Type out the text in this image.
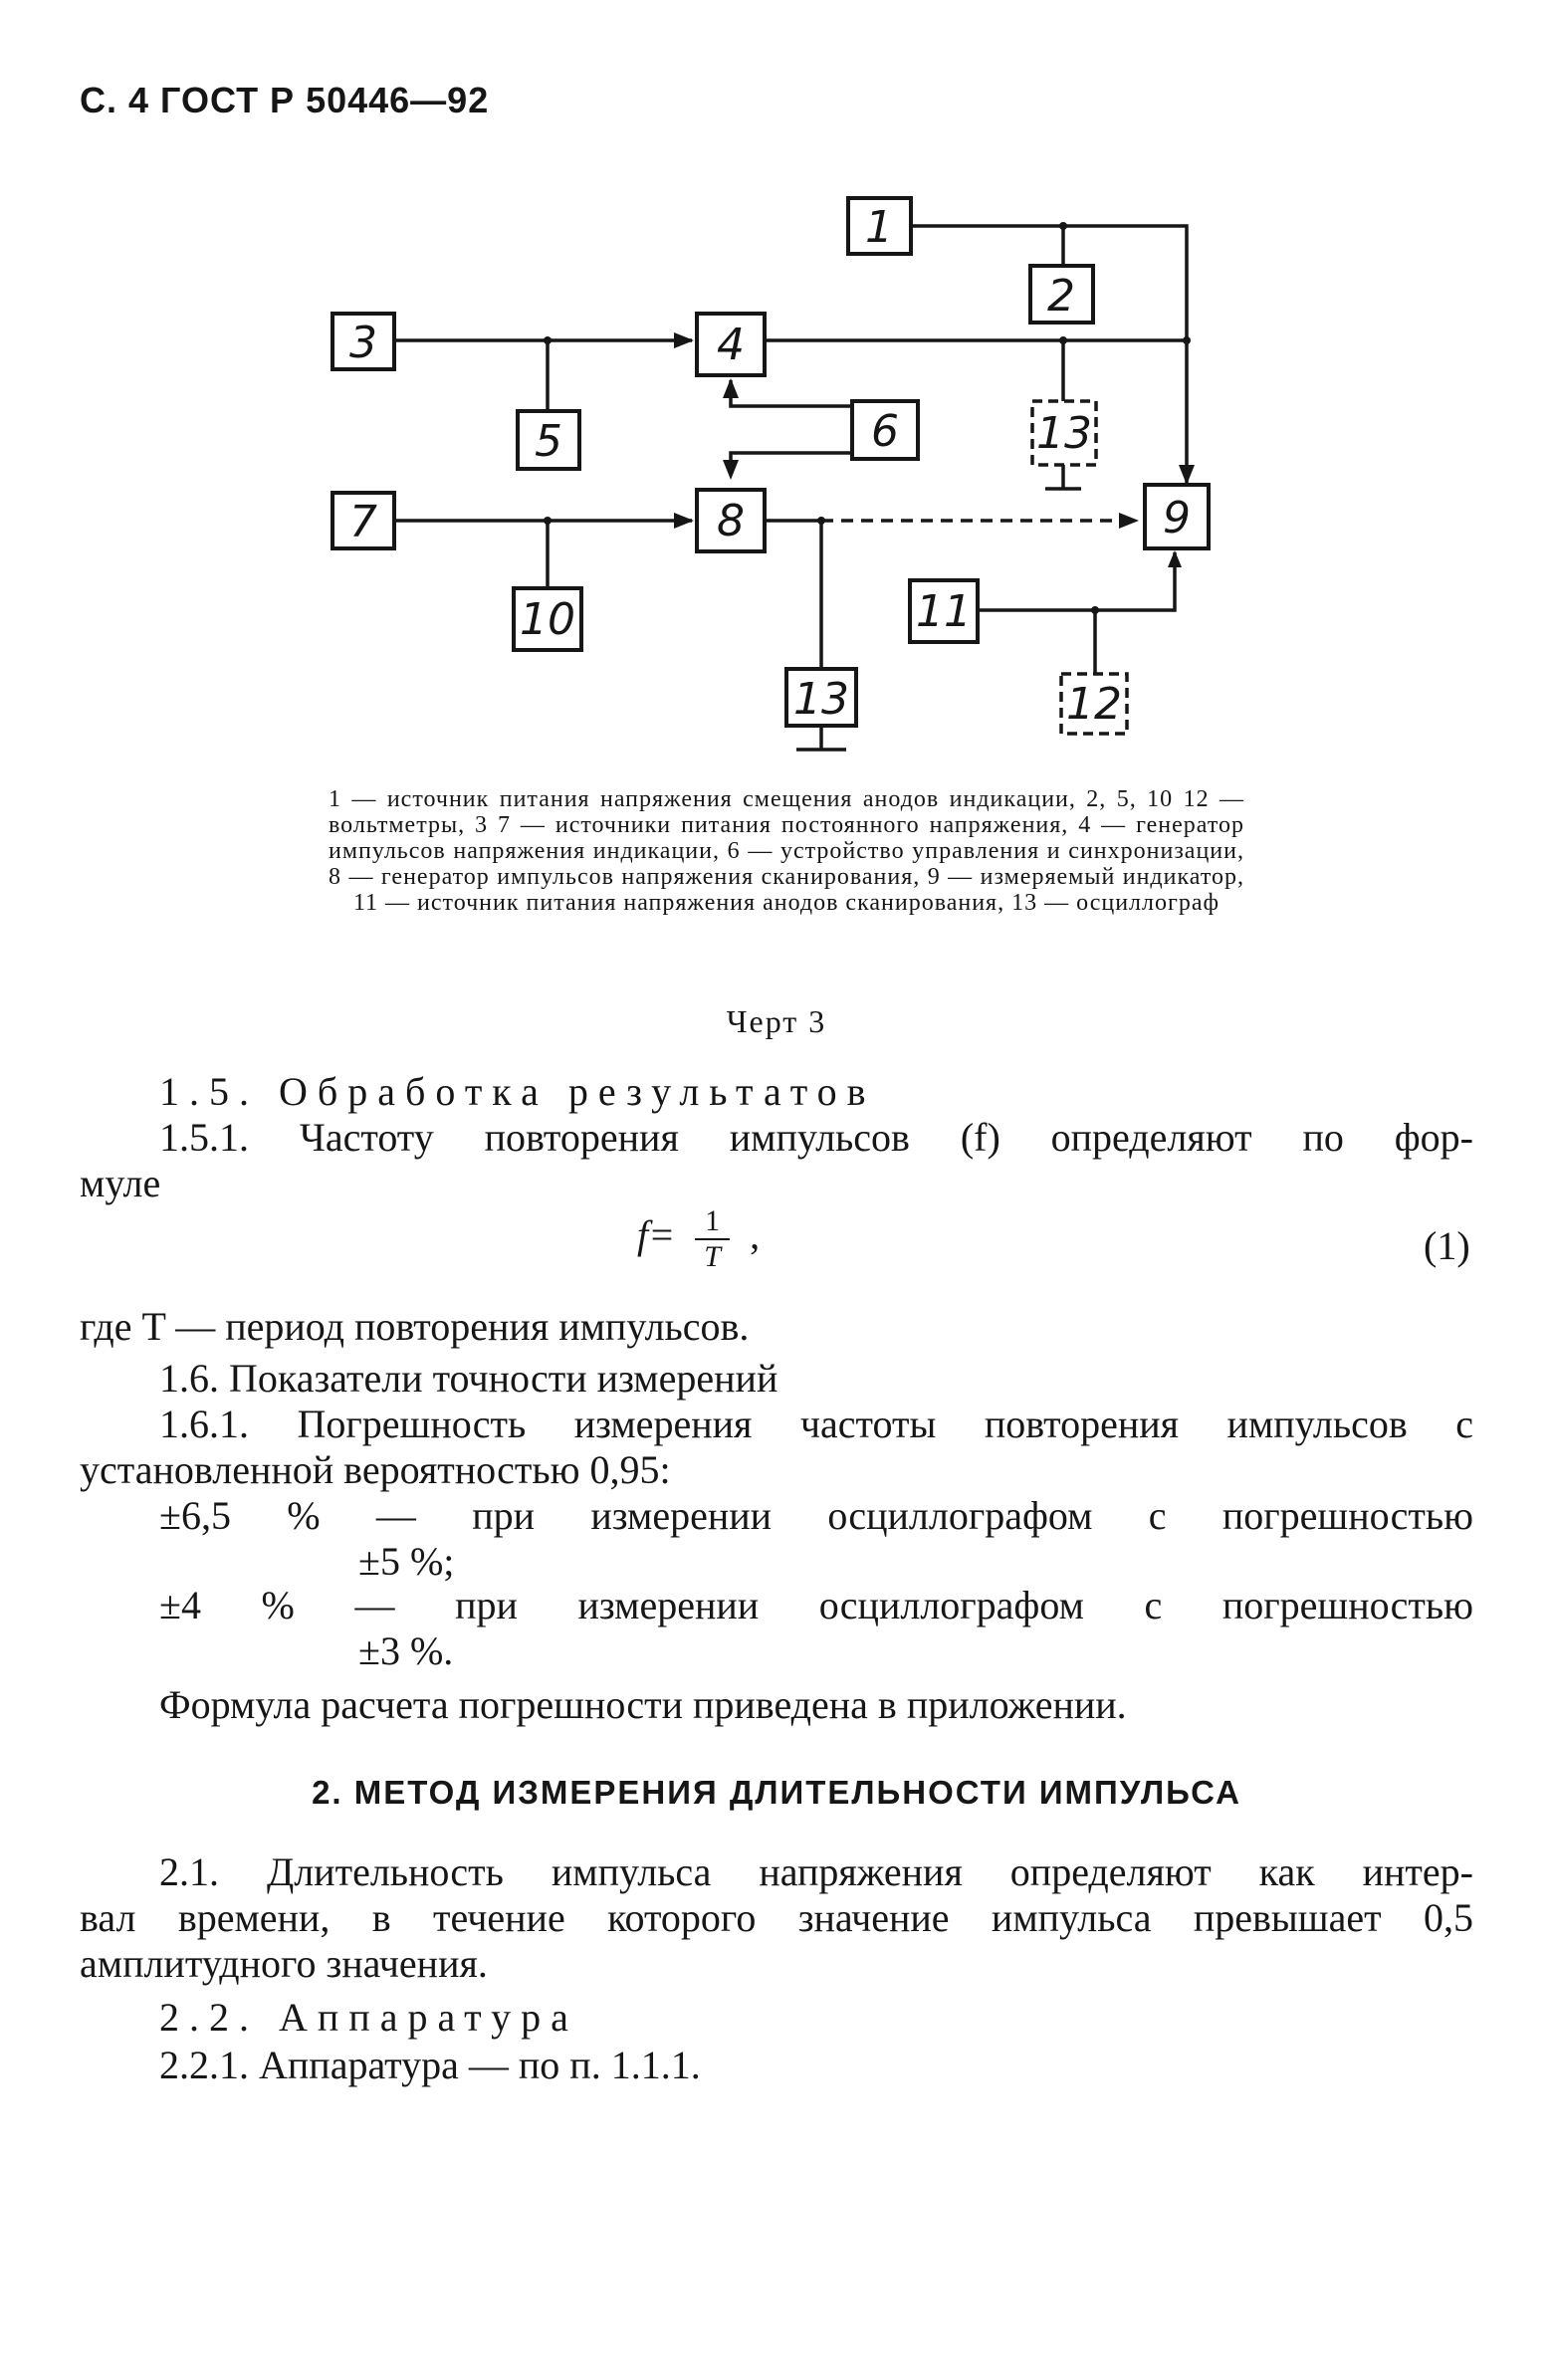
С. 4 ГОСТ Р 50446—92
1
2
3	4
5	6	13
7	8	9
10	11
12
13
1 — источник питания напряжения смещения анодов индикации, 2, 5, 10 12 — вольтметры, 3 7 — источники питания постоянного напряжения, 4 — генератор импульсов напряжения индикации, 6 — устройство управления и синхронизации, 8 — генератор импульсов напряжения сканирования, 9 — измеряемый индикатор, 11 — источник питания напряжения анодов сканирования, 13 — осциллограф
Черт 3
1.5. Обработка результатов
1.5.1. Частоту повторения импульсов (f) определяют по фор-
муле
$f= \frac{1}{T}$ ,	(1)
где T — период повторения импульсов.
1.6. Показатели точности измерений
1.6.1. Погрешность измерения частоты повторения импульсов с
установленной вероятностью 0,95:
±6,5 % — при измерении осциллографом с погрешностью
±5 %;
±4 % — при измерении осциллографом с погрешностью
±3 %.
Формула расчета погрешности приведена в приложении.
2. МЕТОД ИЗМЕРЕНИЯ ДЛИТЕЛЬНОСТИ ИМПУЛЬСА
2.1. Длительность импульса напряжения определяют как интер-
вал времени, в течение которого значение импульса превышает 0,5
амплитудного значения.
2.2. Аппаратура
2.2.1. Аппаратура — по п. 1.1.1.
